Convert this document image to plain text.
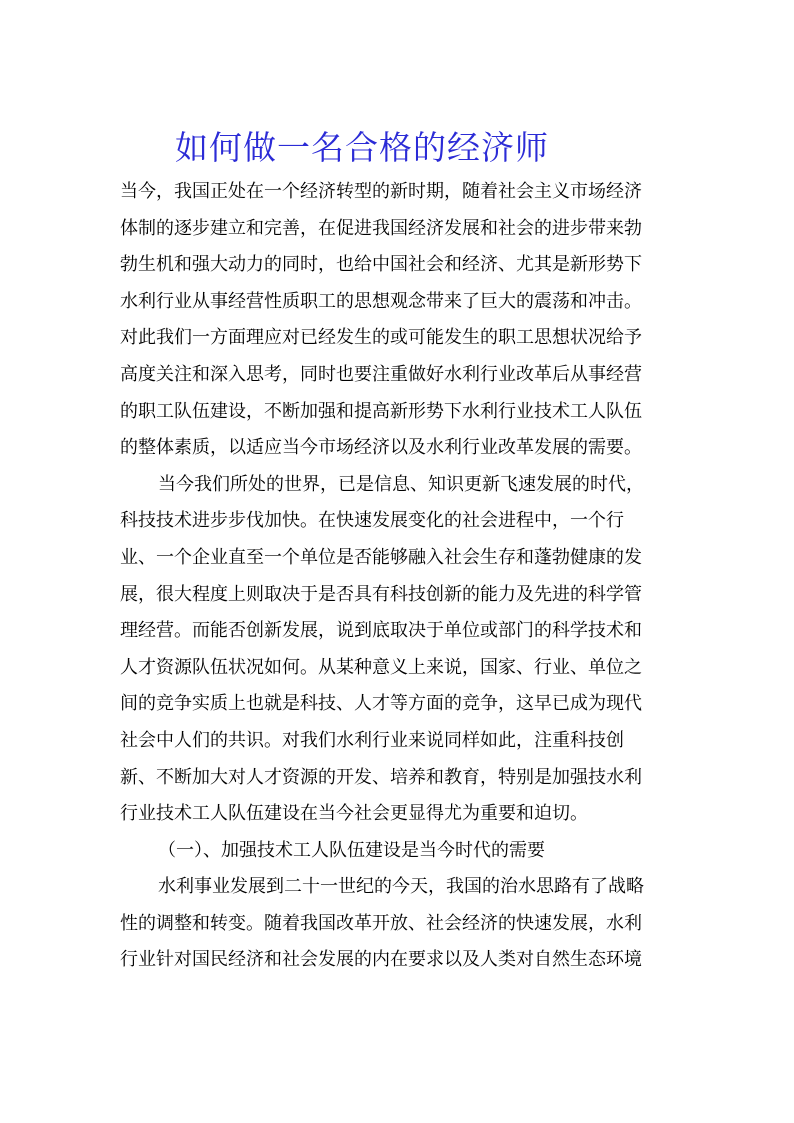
如何做一名合格的经济师
当今，我国正处在一个经济转型的新时期，随着社会主义市场经济
体制的逐步建立和完善，在促进我国经济发展和社会的进步带来勃
勃生机和强大动力的同时，也给中国社会和经济、尤其是新形势下
水利行业从事经营性质职工的思想观念带来了巨大的震荡和冲击。
对此我们一方面理应对已经发生的或可能发生的职工思想状况给予
高度关注和深入思考，同时也要注重做好水利行业改革后从事经营
的职工队伍建设，不断加强和提高新形势下水利行业技术工人队伍
的整体素质，以适应当今市场经济以及水利行业改革发展的需要。
当今我们所处的世界，已是信息、知识更新飞速发展的时代，
科技技术进步步伐加快。在快速发展变化的社会进程中，一个行
业、一个企业直至一个单位是否能够融入社会生存和蓬勃健康的发
展，很大程度上则取决于是否具有科技创新的能力及先进的科学管
理经营。而能否创新发展，说到底取决于单位或部门的科学技术和
人才资源队伍状况如何。从某种意义上来说，国家、行业、单位之
间的竞争实质上也就是科技、人才等方面的竞争，这早已成为现代
社会中人们的共识。对我们水利行业来说同样如此，注重科技创
新、不断加大对人才资源的开发、培养和教育，特别是加强技水利
行业技术工人队伍建设在当今社会更显得尤为重要和迫切。
（一）、加强技术工人队伍建设是当今时代的需要
水利事业发展到二十一世纪的今天，我国的治水思路有了战略
性的调整和转变。随着我国改革开放、社会经济的快速发展，水利
行业针对国民经济和社会发展的内在要求以及人类对自然生态环境
